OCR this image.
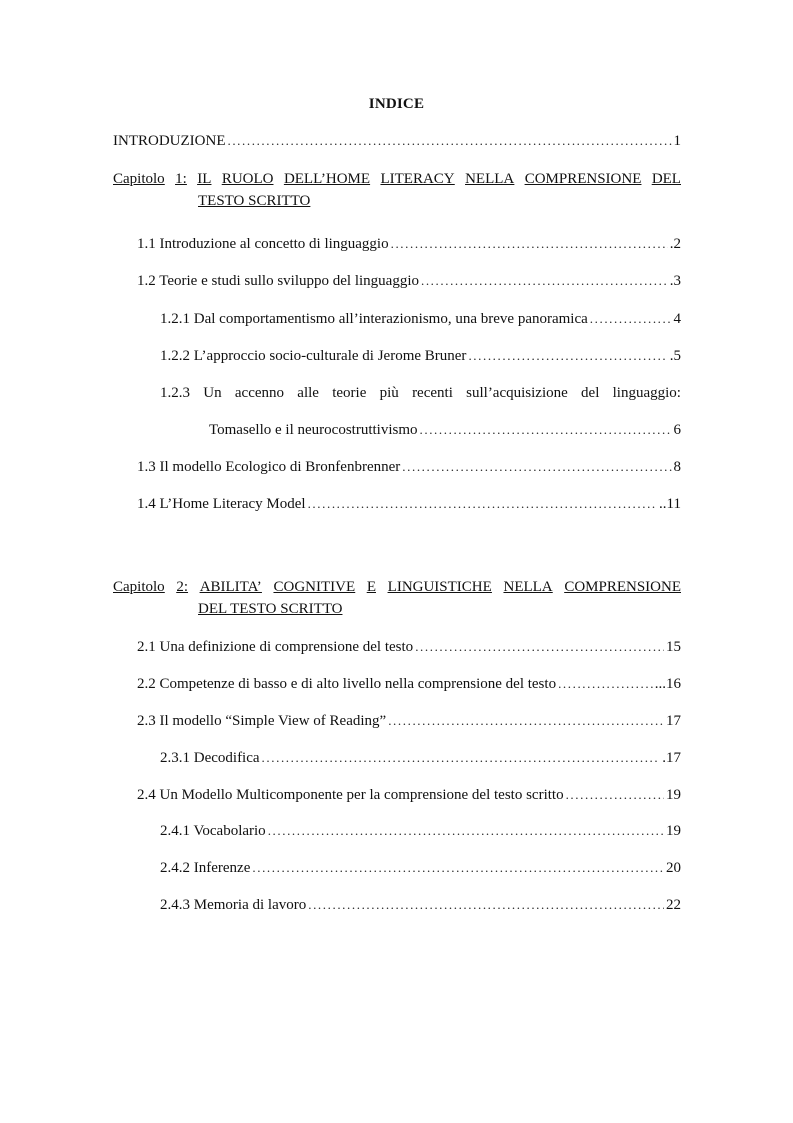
INDICE
INTRODUZIONE .....	1
Capitolo 1: IL RUOLO DELL’HOME LITERACY NELLA COMPRENSIONE DEL
TESTO SCRITTO
1.1 Introduzione al concetto di linguaggio .....	.2
1.2 Teorie e studi sullo sviluppo del linguaggio .....	.3
1.2.1 Dal comportamentismo all’interazionismo, una breve panoramica .....	4
1.2.2 L’approccio socio-culturale di Jerome Bruner .....	.5
1.2.3 Un accenno alle teorie più recenti sull’acquisizione del linguaggio:
Tomasello e il neurocostruttivismo .....	6
1.3 Il modello Ecologico di Bronfenbrenner .....	8
1.4 L’Home Literacy Model .....	..11
Capitolo 2: ABILITA’ COGNITIVE E LINGUISTICHE NELLA COMPRENSIONE
DEL TESTO SCRITTO
2.1 Una definizione di comprensione del testo .....	15
2.2 Competenze di basso e di alto livello nella comprensione del testo .....	...16
2.3 Il modello “Simple View of Reading” .....	17
2.3.1 Decodifica .....	.17
2.4 Un Modello Multicomponente per la comprensione del testo scritto .....	19
2.4.1 Vocabolario .....	19
2.4.2 Inferenze .....	20
2.4.3 Memoria di lavoro .....	22
